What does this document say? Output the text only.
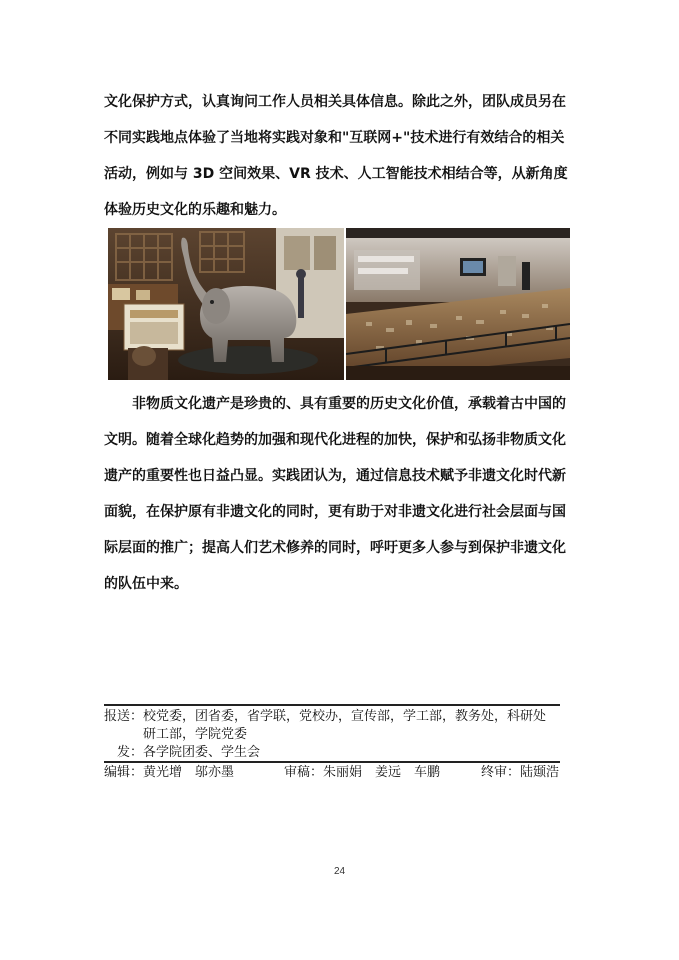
文化保护方式，认真询问工作人员相关具体信息。除此之外，团队成员另在不同实践地点体验了当地将实践对象和"互联网+"技术进行有效结合的相关活动，例如与 3D 空间效果、VR 技术、人工智能技术相结合等，从新角度体验历史文化的乐趣和魅力。

非物质文化遗产是珍贵的、具有重要的历史文化价值，承载着古中国的文明。随着全球化趋势的加强和现代化进程的加快，保护和弘扬非物质文化遗产的重要性也日益凸显。实践团认为，通过信息技术赋予非遗文化时代新面貌，在保护原有非遗文化的同时，更有助于对非遗文化进行社会层面与国际层面的推广；提高人们艺术修养的同时，呼吁更多人参与到保护非遗文化的队伍中来。

报送：校党委，团省委，省学联，党校办，宣传部，学工部，教务处，科研处
研工部，学院党委
发：各学院团委、学生会
编辑：黄光增　邬亦墨	审稿：朱丽娟　姜远　车鹏	终审：陆颋浩
24
